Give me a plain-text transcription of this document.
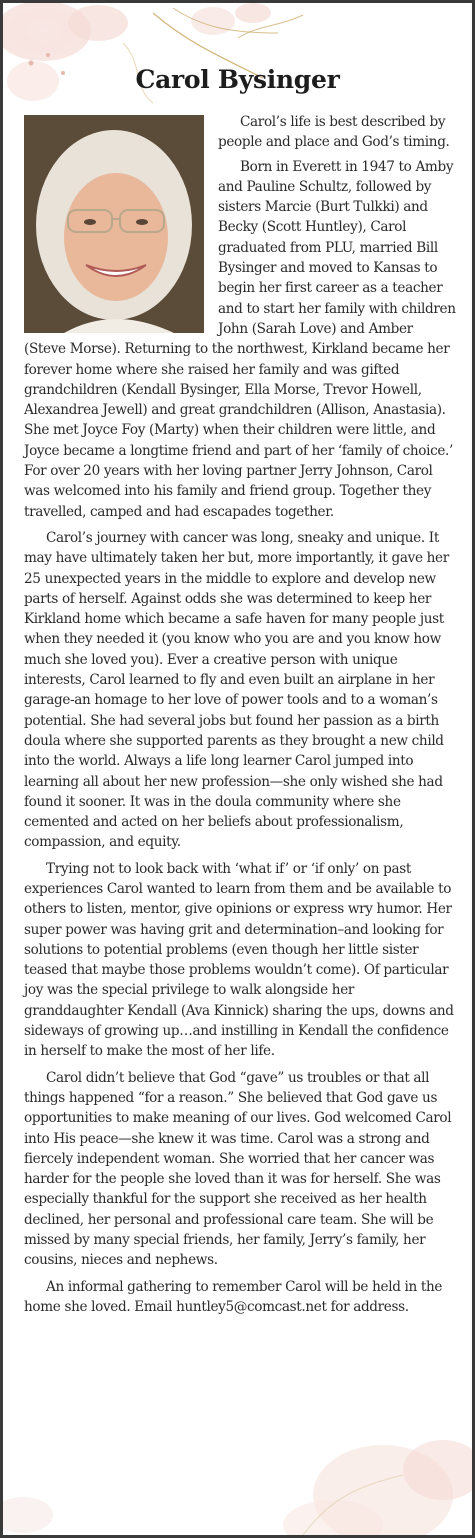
Carol Bysinger

Carol’s life is best described by people and place and God’s timing.

Born in Everett in 1947 to Amby and Pauline Schultz, followed by sisters Marcie (Burt Tulkki) and Becky (Scott Huntley), Carol graduated from PLU, married Bill Bysinger and moved to Kansas to begin her first career as a teacher and to start her family with children John (Sarah Love) and Amber (Steve Morse). Returning to the northwest, Kirkland became her forever home where she raised her family and was gifted grandchildren (Kendall Bysinger, Ella Morse, Trevor Howell, Alexandrea Jewell) and great grandchildren (Allison, Anastasia). She met Joyce Foy (Marty) when their children were little, and Joyce became a longtime friend and part of her ‘family of choice.’ For over 20 years with her loving partner Jerry Johnson, Carol was welcomed into his family and friend group. Together they travelled, camped and had escapades together.

Carol’s journey with cancer was long, sneaky and unique. It may have ultimately taken her but, more importantly, it gave her 25 unexpected years in the middle to explore and develop new parts of herself. Against odds she was determined to keep her Kirkland home which became a safe haven for many people just when they needed it (you know who you are and you know how much she loved you). Ever a creative person with unique interests, Carol learned to fly and even built an airplane in her garage-an homage to her love of power tools and to a woman’s potential. She had several jobs but found her passion as a birth doula where she supported parents as they brought a new child into the world. Always a life long learner Carol jumped into learning all about her new profession—she only wished she had found it sooner. It was in the doula community where she cemented and acted on her beliefs about professionalism, compassion, and equity.

Trying not to look back with ‘what if’ or ‘if only’ on past experiences Carol wanted to learn from them and be available to others to listen, mentor, give opinions or express wry humor. Her super power was having grit and determination–and looking for solutions to potential problems (even though her little sister teased that maybe those problems wouldn’t come). Of particular joy was the special privilege to walk alongside her granddaughter Kendall (Ava Kinnick) sharing the ups, downs and sideways of growing up…and instilling in Kendall the confidence in herself to make the most of her life.

Carol didn’t believe that God “gave” us troubles or that all things happened “for a reason.” She believed that God gave us opportunities to make meaning of our lives. God welcomed Carol into His peace—she knew it was time. Carol was a strong and fiercely independent woman. She worried that her cancer was harder for the people she loved than it was for herself. She was especially thankful for the support she received as her health declined, her personal and professional care team. She will be missed by many special friends, her family, Jerry’s family, her cousins, nieces and nephews.

An informal gathering to remember Carol will be held in the home she loved. Email huntley5@comcast.net for address.
